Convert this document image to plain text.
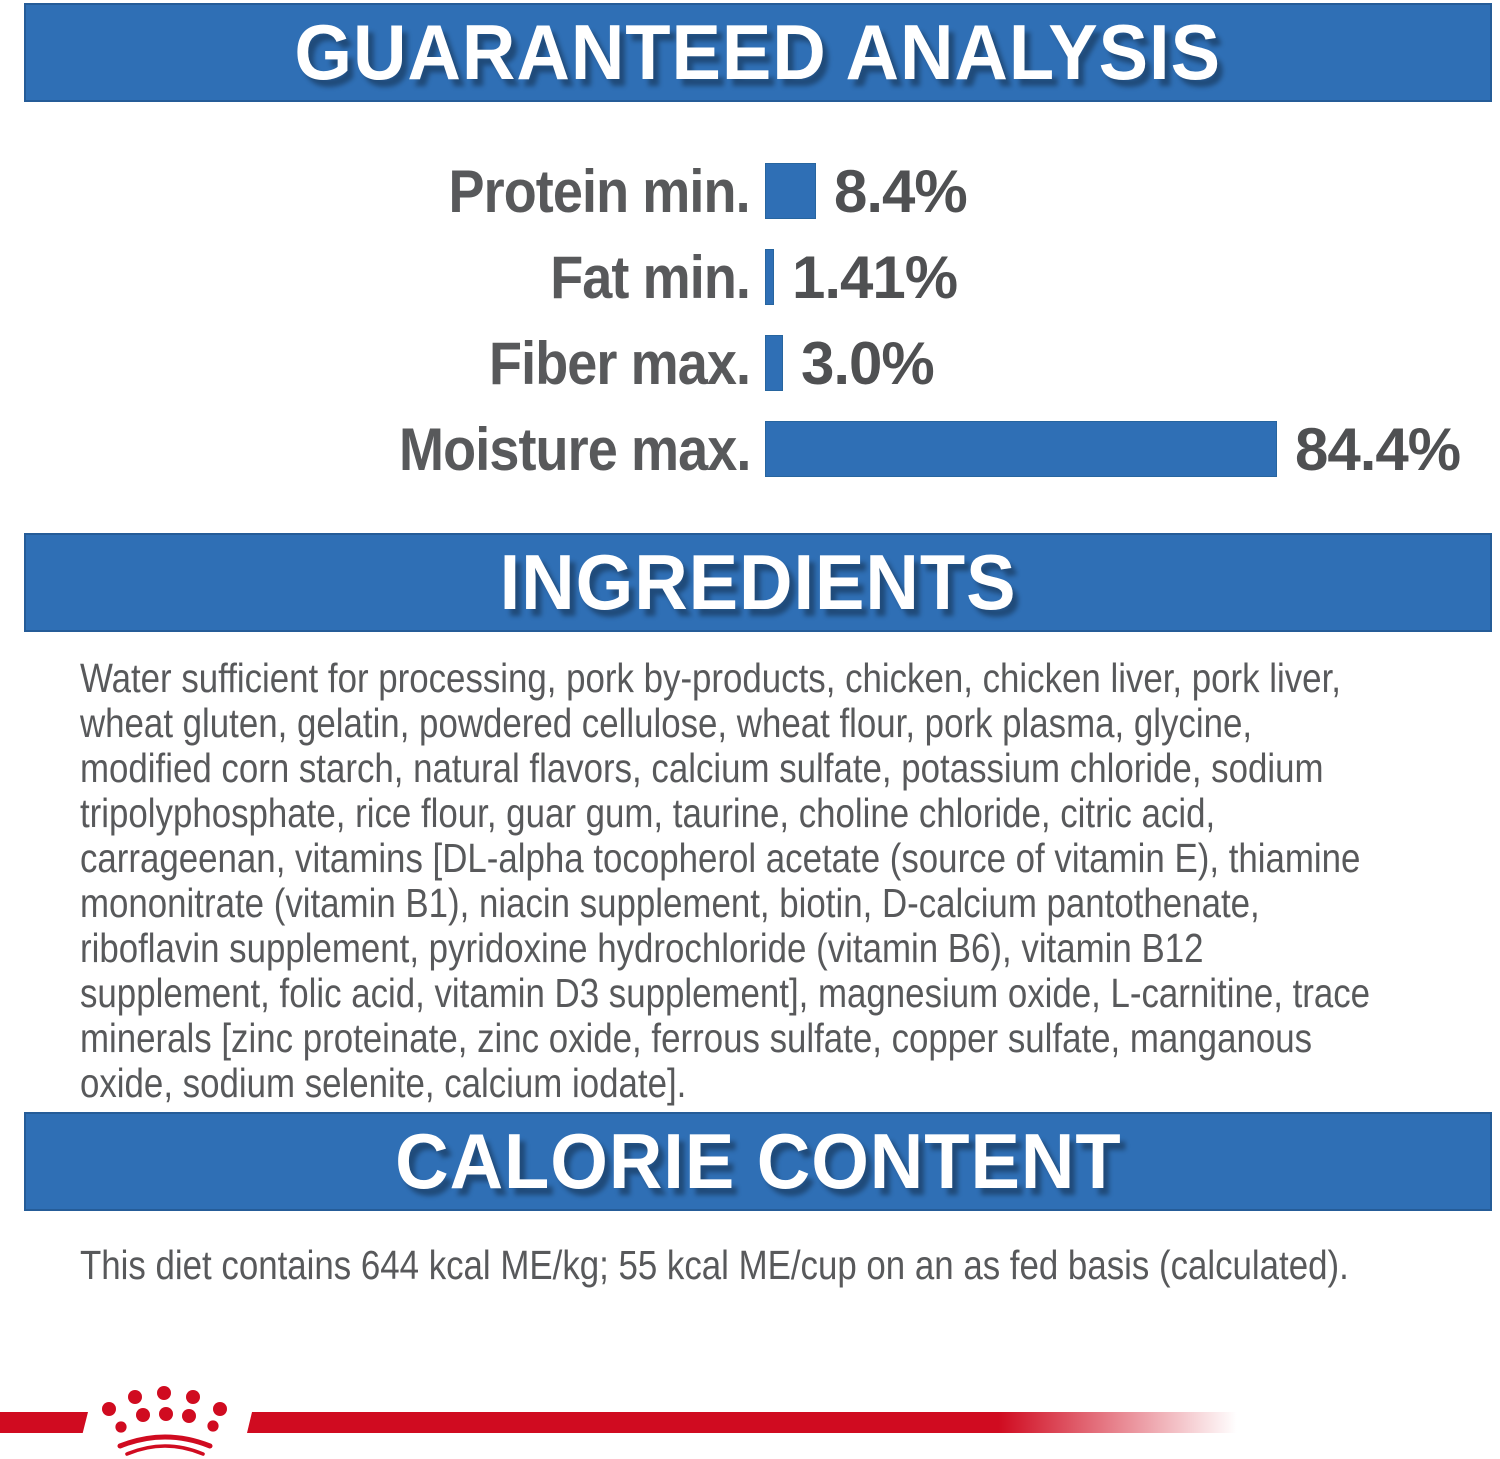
GUARANTEED ANALYSIS
Protein min. 8.4%
Fat min. 1.41%
Fiber max. 3.0%
Moisture max.	84.4%
INGREDIENTS
Water sufficient for processing, pork by-products, chicken, chicken liver, pork liver,
wheat gluten, gelatin, powdered cellulose, wheat flour, pork plasma, glycine,
modified corn starch, natural flavors, calcium sulfate, potassium chloride, sodium
tripolyphosphate, rice flour, guar gum, taurine, choline chloride, citric acid,
carrageenan, vitamins [DL-alpha tocopherol acetate (source of vitamin E), thiamine
mononitrate (vitamin B1), niacin supplement, biotin, D-calcium pantothenate,
riboflavin supplement, pyridoxine hydrochloride (vitamin B6), vitamin B12
supplement, folic acid, vitamin D3 supplement], magnesium oxide, L-carnitine, trace
minerals [zinc proteinate, zinc oxide, ferrous sulfate, copper sulfate, manganous
oxide, sodium selenite, calcium iodate].
CALORIE CONTENT

This diet contains 644 kcal ME/kg; 55 kcal ME/cup on an as fed basis (calculated).
